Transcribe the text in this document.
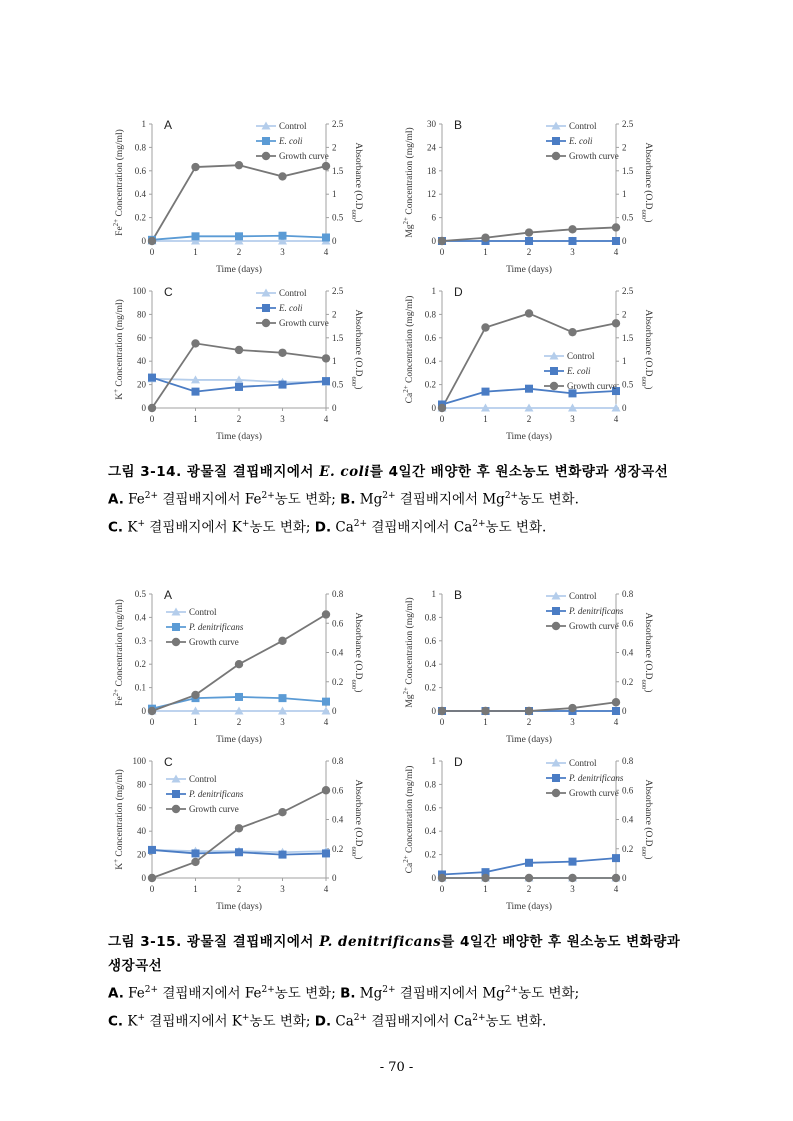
0
0.2
0.4
0.6
0.8
1
0
0.5
1
1.5
2
2.5
0	1	2	3	4
Time (days)
$Fe^{2+}$ Concentration (mg/ml)	Absorbance $(O.D_{600})$
A	Control
E. coli
Growth curve
0
6
12
18
24
30
0
0.5
1
1.5
2
2.5
0	1	2	3	4
Time (days)
$Mg^{2+}$ Concentration (mg/ml)	Absorbance $(O.D_{600})$
B	Control
E. coli
Growth curve
0
20
40
60
80
100
0
0.5
1
1.5
2
2.5
0	1	2	3	4
Time (days)
K+ Concentration (mg/ml)	Absorbance $(O.D_{600})$
C	Control
E. coli
Growth curve
0
0.2
0.4
0.6
0.8
1
0
0.5
1
1.5
2
2.5
0	1	2	3	4
Time (days)
$Ca^{2+}$ Concentration (mg/ml)	Absorbance $(O.D_{600})$
D
Control
E. coli
Growth curve
그림 3-14. 광물질 결핍배지에서 E. coli를 4일간 배양한 후 원소농도 변화량과 생장곡선
A. $Fe^{2+}$ 결핍배지에서 $Fe^{2+}$농도 변화; B. $Mg^{2+}$ 결핍배지에서 $Mg^{2+}$농도 변화.
C. K+ 결핍배지에서 K+농도 변화; D. $Ca^{2+}$ 결핍배지에서 $Ca^{2+}$농도 변화.
0
0.1
0.2
0.3
0.4
0.5
0
0.2
0.4
0.6
0.8
0	1	2	3	4
Time (days)
$Fe^{2+}$ Concentration (mg/ml)	Absorbance $(O.D_{600})$
A
Control
P. denitrificans
Growth curve
0
0.2
0.4
0.6
0.8
1
0
0.2
0.4
0.6
0.8
0	1	2	3	4
Time (days)
$Mg^{2+}$ Concentration (mg/ml)	Absorbance $(O.D_{600})$
B	Control
P. denitrificans
Growth curve
0
20
40
60
80
100
0
0.2
0.4
0.6
0.8
0	1	2	3	4
Time (days)
K+ Concentration (mg/ml)	Absorbance $(O.D_{600})$
C
Control
P. denitrificans
Growth curve
0
0.2
0.4
0.6
0.8
1
0
0.2
0.4
0.6
0.8
0	1	2	3	4
Time (days)
$Ca^{2+}$ Concentration (mg/ml)	Absorbance $(O.D_{600})$
D	Control
P. denitrificans
Growth curve
그림 3-15. 광물질 결핍배지에서 P. denitrificans를 4일간 배양한 후 원소농도 변화량과 생장곡선
A. $Fe^{2+}$ 결핍배지에서 $Fe^{2+}$농도 변화; B. $Mg^{2+}$ 결핍배지에서 $Mg^{2+}$농도 변화;
C. K+ 결핍배지에서 K+농도 변화; D. $Ca^{2+}$ 결핍배지에서 $Ca^{2+}$농도 변화.
- 70 -
